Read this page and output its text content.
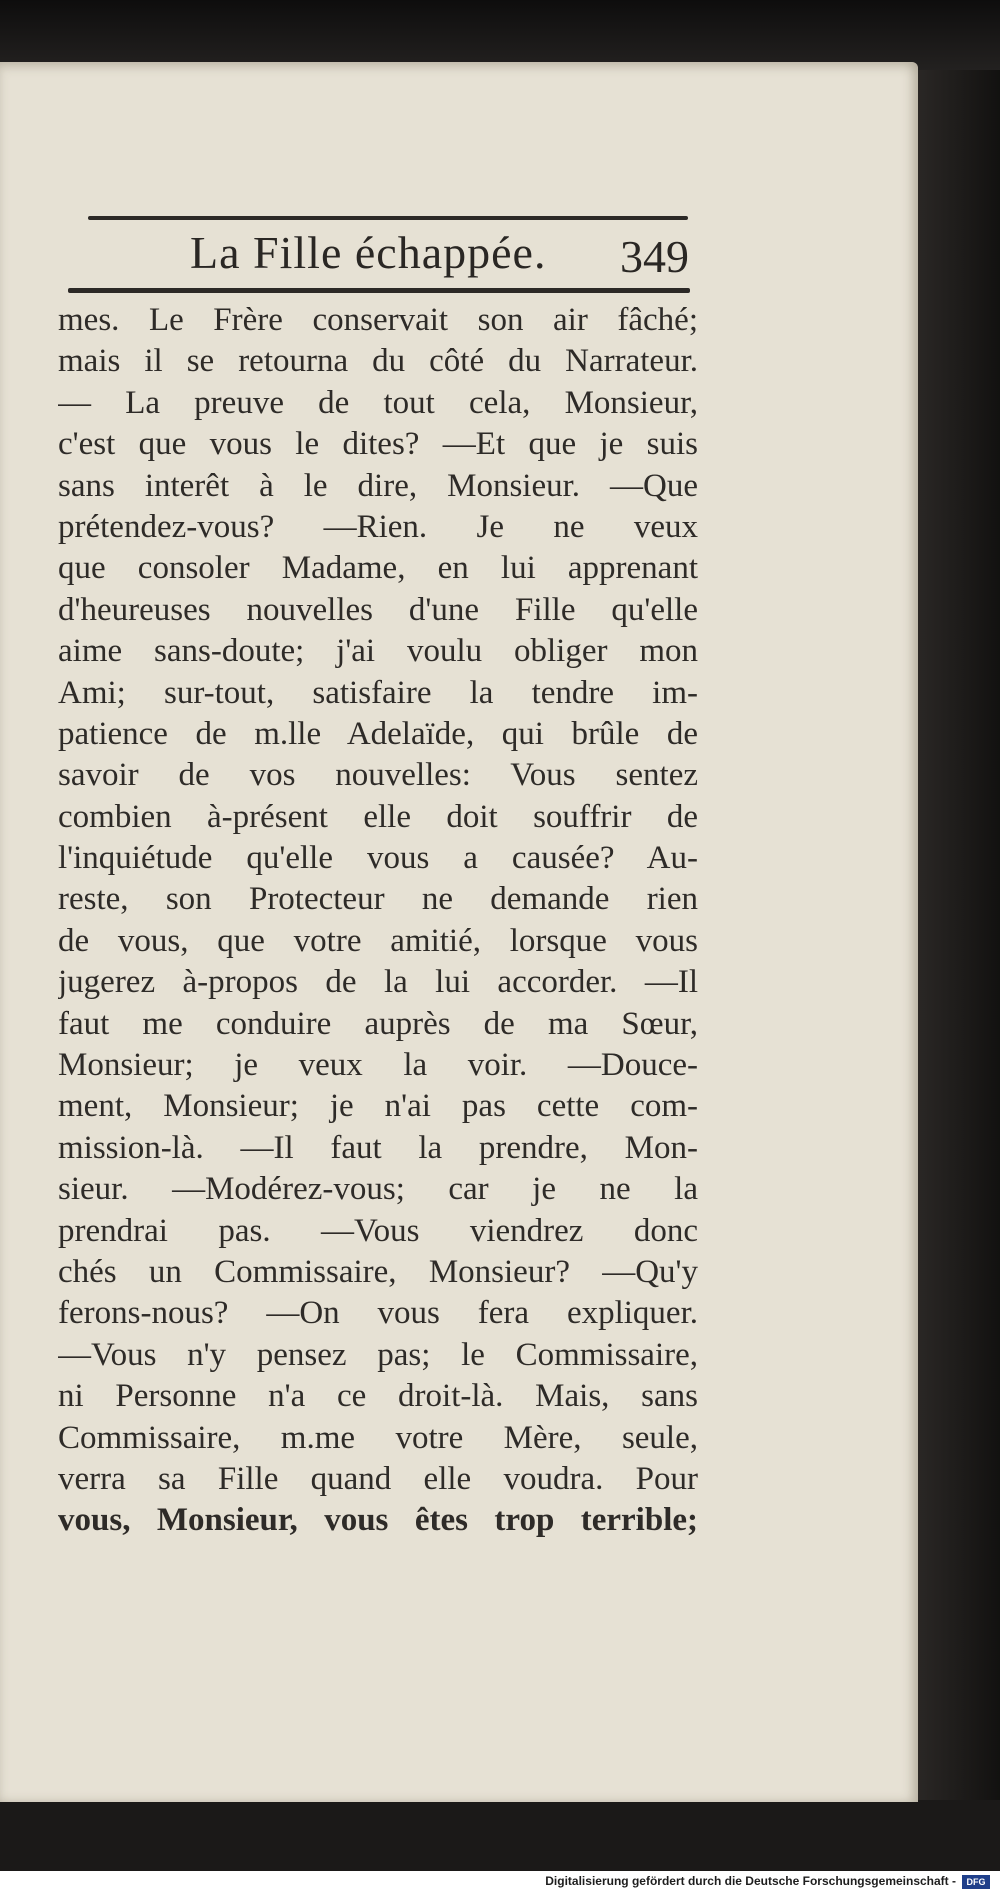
La Fille échappée.	349
mes. Le Frère conservait son air fâché;
mais il se retourna du côté du Narrateur.
— La preuve de tout cela, Monsieur,
c'est que vous le dites? —Et que je suis
sans interêt à le dire, Monsieur. —Que
prétendez-vous? —Rien. Je ne veux
que consoler Madame, en lui apprenant
d'heureuses nouvelles d'une Fille qu'elle
aime sans-doute; j'ai voulu obliger mon
Ami; sur-tout, satisfaire la tendre im-
patience de m.lle Adelaïde, qui brûle de
savoir de vos nouvelles: Vous sentez
combien à-présent elle doit souffrir de
l'inquiétude qu'elle vous a causée? Au-
reste, son Protecteur ne demande rien
de vous, que votre amitié, lorsque vous
jugerez à-propos de la lui accorder. —Il
faut me conduire auprès de ma Sœur,
Monsieur; je veux la voir. —Douce-
ment, Monsieur; je n'ai pas cette com-
mission-là. —Il faut la prendre, Mon-
sieur. —Modérez-vous; car je ne la
prendrai pas. —Vous viendrez donc
chés un Commissaire, Monsieur? —Qu'y
ferons-nous? —On vous fera expliquer.
—Vous n'y pensez pas; le Commissaire,
ni Personne n'a ce droit-là. Mais, sans
Commissaire, m.me votre Mère, seule,
verra sa Fille quand elle voudra. Pour
vous, Monsieur, vous êtes trop terrible;
Digitalisierung gefördert durch die Deutsche Forschungsgemeinschaft -	DFG
